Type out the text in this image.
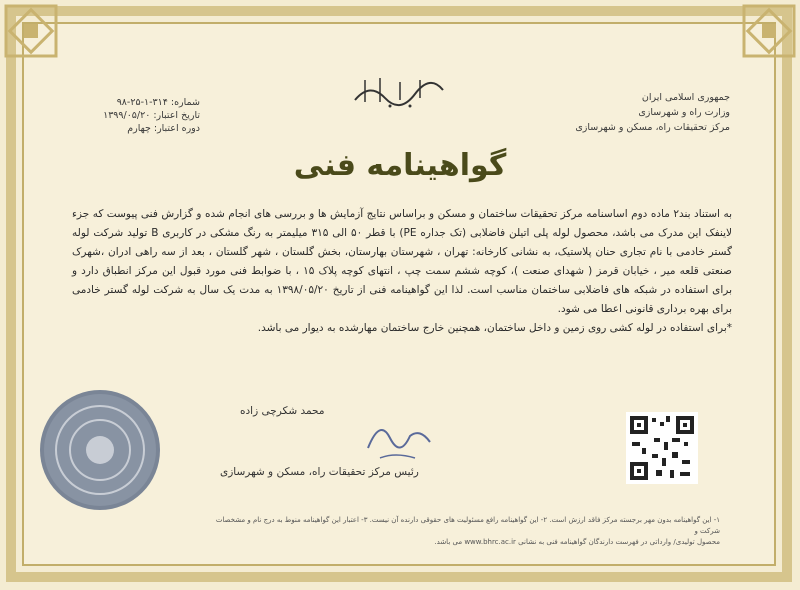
جمهوری اسلامی ایران
وزارت راه و شهرسازی
مرکز تحقیقات راه، مسکن و شهرسازی
شماره: ۳۱۴-۱-۲۵-۹۸
تاریخ اعتبار: ۱۳۹۹/۰۵/۲۰
دوره اعتبار: چهارم
گواهینامه فنی

به استناد بند۲ ماده دوم اساسنامه مرکز تحقیقات ساختمان و مسکن و براساس نتایج آزمایش ها و بررسی های انجام شده و گزارش فنی پیوست که جزء لاینفک این مدرک می باشد، محصول لوله پلی اتیلن فاضلابی (تک جداره PE) با قطر ۵۰ الی ۳۱۵ میلیمتر به رنگ مشکی در کاربری B تولید شرکت لوله گستر خادمی با نام تجاری حنان پلاستیک، به نشانی کارخانه: تهران ، شهرستان بهارستان، بخش گلستان ، شهر گلستان ، بعد از سه راهی ادران ،شهرک صنعتی قلعه میر ، خیابان قرمز ( شهدای صنعت )، کوچه ششم سمت چپ ، انتهای کوچه پلاک ۱۵ ، با ضوابط فنی مورد قبول این مرکز انطباق دارد و برای استفاده در شبکه های فاضلابی ساختمان مناسب است. لذا این گواهینامه فنی از تاریخ ۱۳۹۸/۰۵/۲۰ به مدت یک سال به شرکت لوله گستر خادمی برای بهره برداری قانونی اعطا می شود.

*برای استفاده در لوله کشی روی زمین و داخل ساختمان، همچنین خارج ساختمان مهارشده به دیوار می باشد.

محمد شکرچی زاده
رئیس مرکز تحقیقات راه، مسکن و شهرسازی
۱- این گواهینامه بدون مهر برجسته مرکز فاقد ارزش است. ۲- این گواهینامه رافع مسئولیت های حقوقی دارنده آن نیست. ۳- اعتبار این گواهینامه منوط به درج نام و مشخصات شرکت و
محصول تولیدی/ وارداتی در فهرست دارندگان گواهینامه فنی به نشانی www.bhrc.ac.ir می باشد.
